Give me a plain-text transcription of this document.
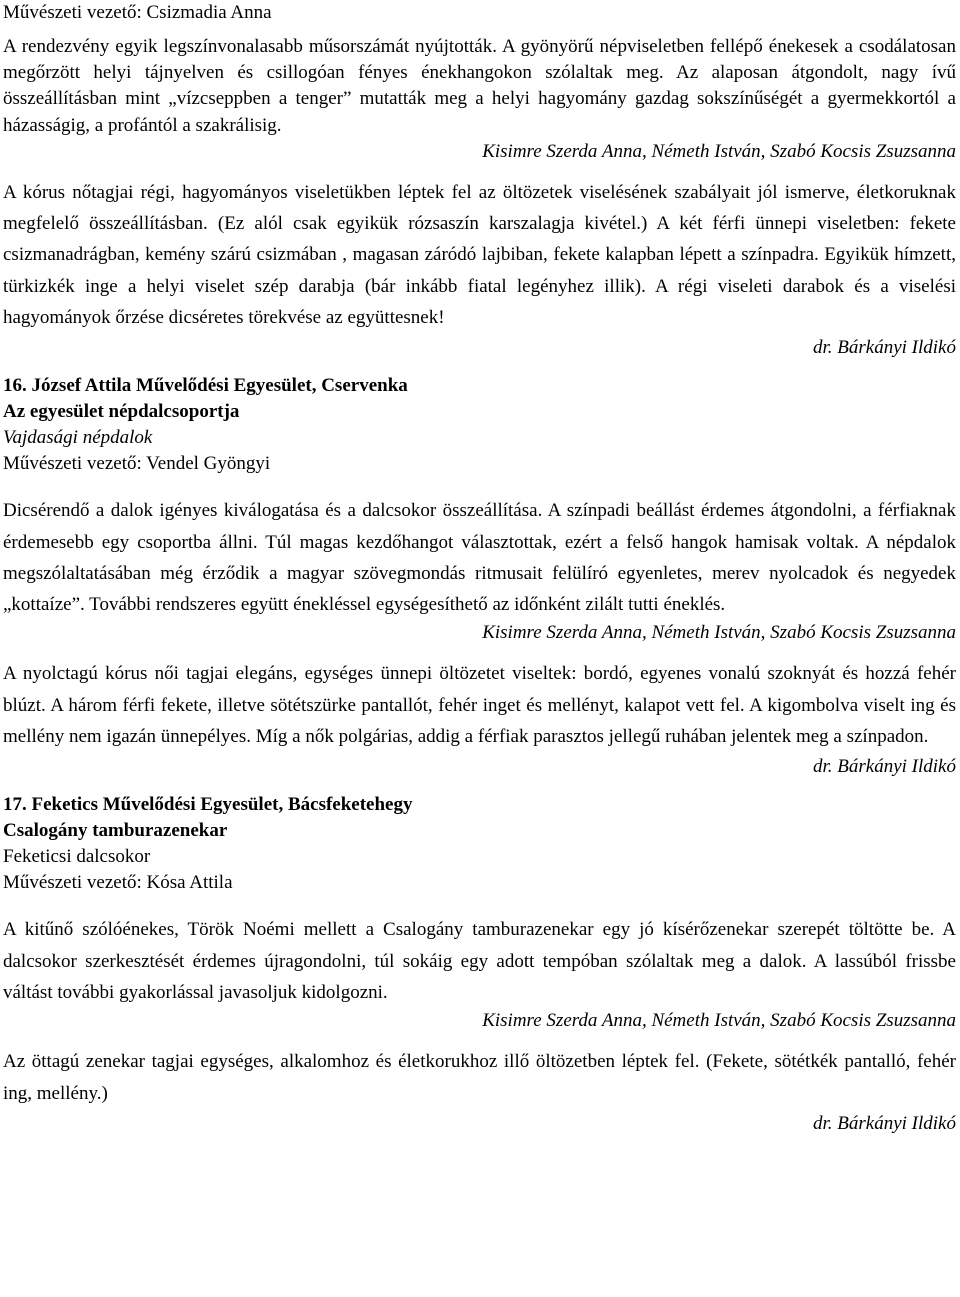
Művészeti vezető: Csizmadia Anna
A rendezvény egyik legszínvonalasabb műsorszámát nyújtották. A gyönyörű népviseletben fellépő énekesek a csodálatosan megőrzött helyi tájnyelven és csillogóan fényes énekhangokon szólaltak meg. Az alaposan átgondolt, nagy ívű összeállításban mint „vízcseppben a tenger” mutatták meg a helyi hagyomány gazdag sokszínűségét a gyermekkortól a házasságig, a profántól a szakrálisig.
Kisimre Szerda Anna, Németh István, Szabó Kocsis Zsuzsanna
A kórus nőtagjai régi, hagyományos viseletükben léptek fel az öltözetek viselésének szabályait jól ismerve, életkoruknak megfelelő összeállításban. (Ez alól csak egyikük rózsaszín karszalagja kivétel.) A két férfi ünnepi viseletben: fekete csizmanadrágban, kemény szárú csizmában , magasan záródó lajbiban, fekete kalapban lépett a színpadra. Egyikük hímzett, türkizkék inge a helyi viselet szép darabja (bár inkább fiatal legényhez illik). A régi viseleti darabok és a viselési hagyományok őrzése dicséretes törekvése az együttesnek!
dr. Bárkányi Ildikó
16. József Attila Művelődési Egyesület, Cservenka
Az egyesület népdalcsoportja
Vajdasági népdalok
Művészeti vezető: Vendel Gyöngyi
Dicsérendő a dalok igényes kiválogatása és a dalcsokor összeállítása. A színpadi beállást érdemes átgondolni, a férfiaknak érdemesebb egy csoportba állni. Túl magas kezdőhangot választottak, ezért a felső hangok hamisak voltak. A népdalok megszólaltatásában még érződik a magyar szövegmondás ritmusait felülíró egyenletes, merev nyolcadok és negyedek „kottaíze”. További rendszeres együtt énekléssel egységesíthető az időnként zilált tutti éneklés.
Kisimre Szerda Anna, Németh István, Szabó Kocsis Zsuzsanna
A nyolctagú kórus női tagjai elegáns, egységes ünnepi öltözetet viseltek: bordó, egyenes vonalú szoknyát és hozzá fehér blúzt. A három férfi fekete, illetve sötétszürke pantallót, fehér inget és mellényt, kalapot vett fel. A kigombolva viselt ing és mellény nem igazán ünnepélyes. Míg a nők polgárias, addig a férfiak parasztos jellegű ruhában jelentek meg a színpadon.
dr. Bárkányi Ildikó
17. Feketics Művelődési Egyesület, Bácsfeketehegy
Csalogány tamburazenekar
Feketicsi dalcsokor
Művészeti vezető: Kósa Attila
A kitűnő szólóénekes, Török Noémi mellett a Csalogány tamburazenekar egy jó kísérőzenekar szerepét töltötte be. A dalcsokor szerkesztését érdemes újragondolni, túl sokáig egy adott tempóban szólaltak meg a dalok. A lassúból frissbe váltást további gyakorlással javasoljuk kidolgozni.
Kisimre Szerda Anna, Németh István, Szabó Kocsis Zsuzsanna
Az öttagú zenekar tagjai egységes, alkalomhoz és életkorukhoz illő öltözetben léptek fel. (Fekete, sötétkék pantalló, fehér ing, mellény.)
dr. Bárkányi Ildikó
